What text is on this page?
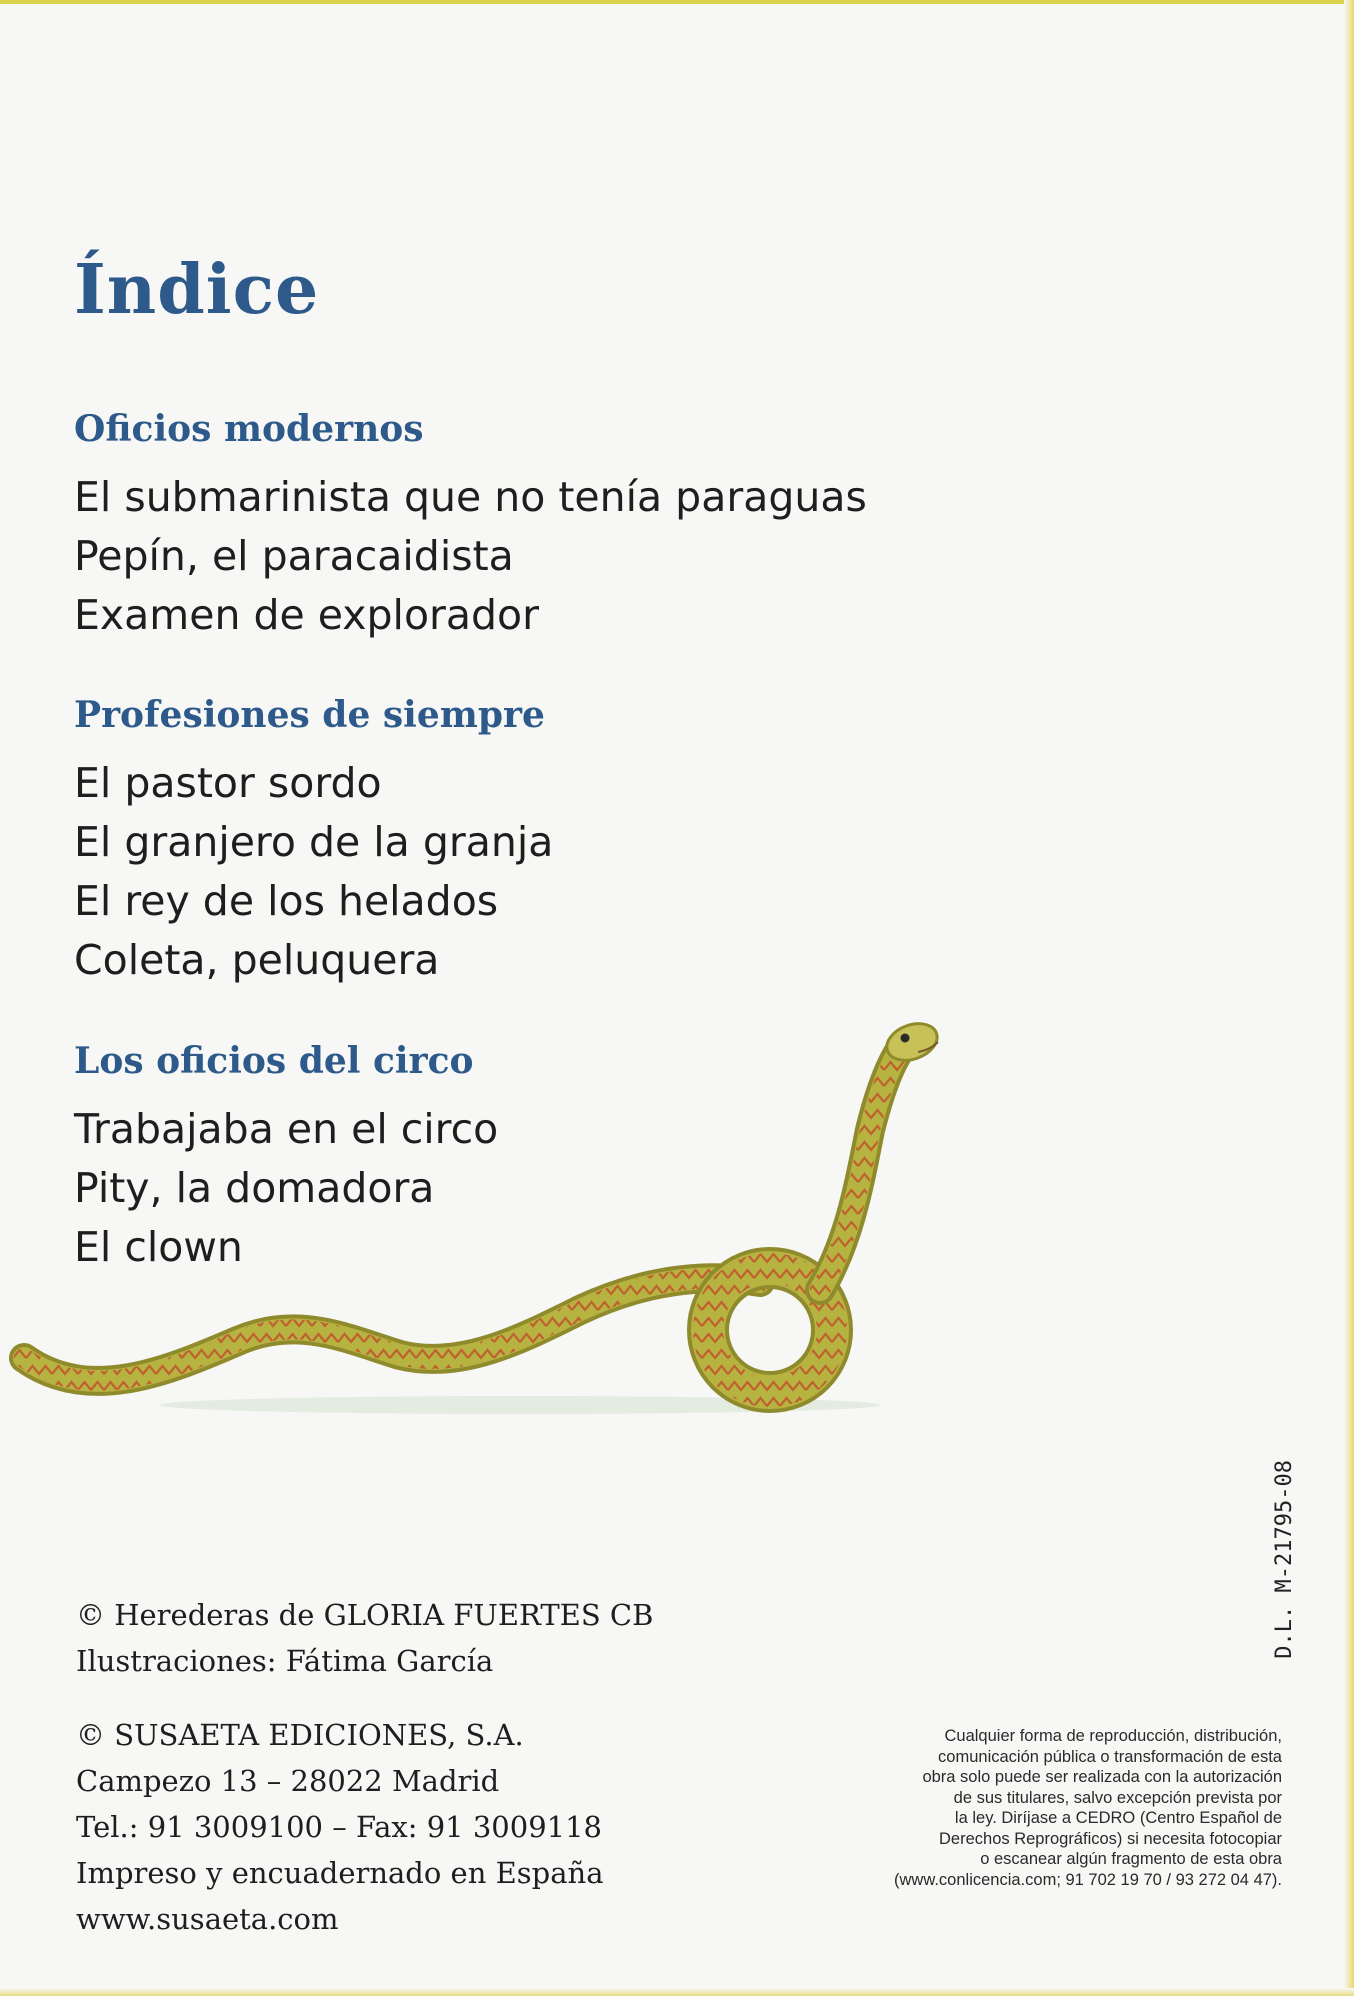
Índice
Oficios modernos
El submarinista que no tenía paraguas
Pepín, el paracaidista
Examen de explorador
Profesiones de siempre
El pastor sordo
El granjero de la granja
El rey de los helados
Coleta, peluquera
Los oficios del circo
Trabajaba en el circo
Pity, la domadora
El clown
D.L. M-21795-08

© Herederas de GLORIA FUERTES CB

Ilustraciones: Fátima García

© SUSAETA EDICIONES, S.A.

Campezo 13 – 28022 Madrid

Tel.: 91 3009100 – Fax: 91 3009118

Impreso y encuadernado en España

www.susaeta.com

Cualquier forma de reproducción, distribución,
comunicación pública o transformación de esta
obra solo puede ser realizada con la autorización
de sus titulares, salvo excepción prevista por
la ley. Diríjase a CEDRO (Centro Español de
Derechos Reprográficos) si necesita fotocopiar
o escanear algún fragmento de esta obra
(www.conlicencia.com; 91 702 19 70 / 93 272 04 47).
